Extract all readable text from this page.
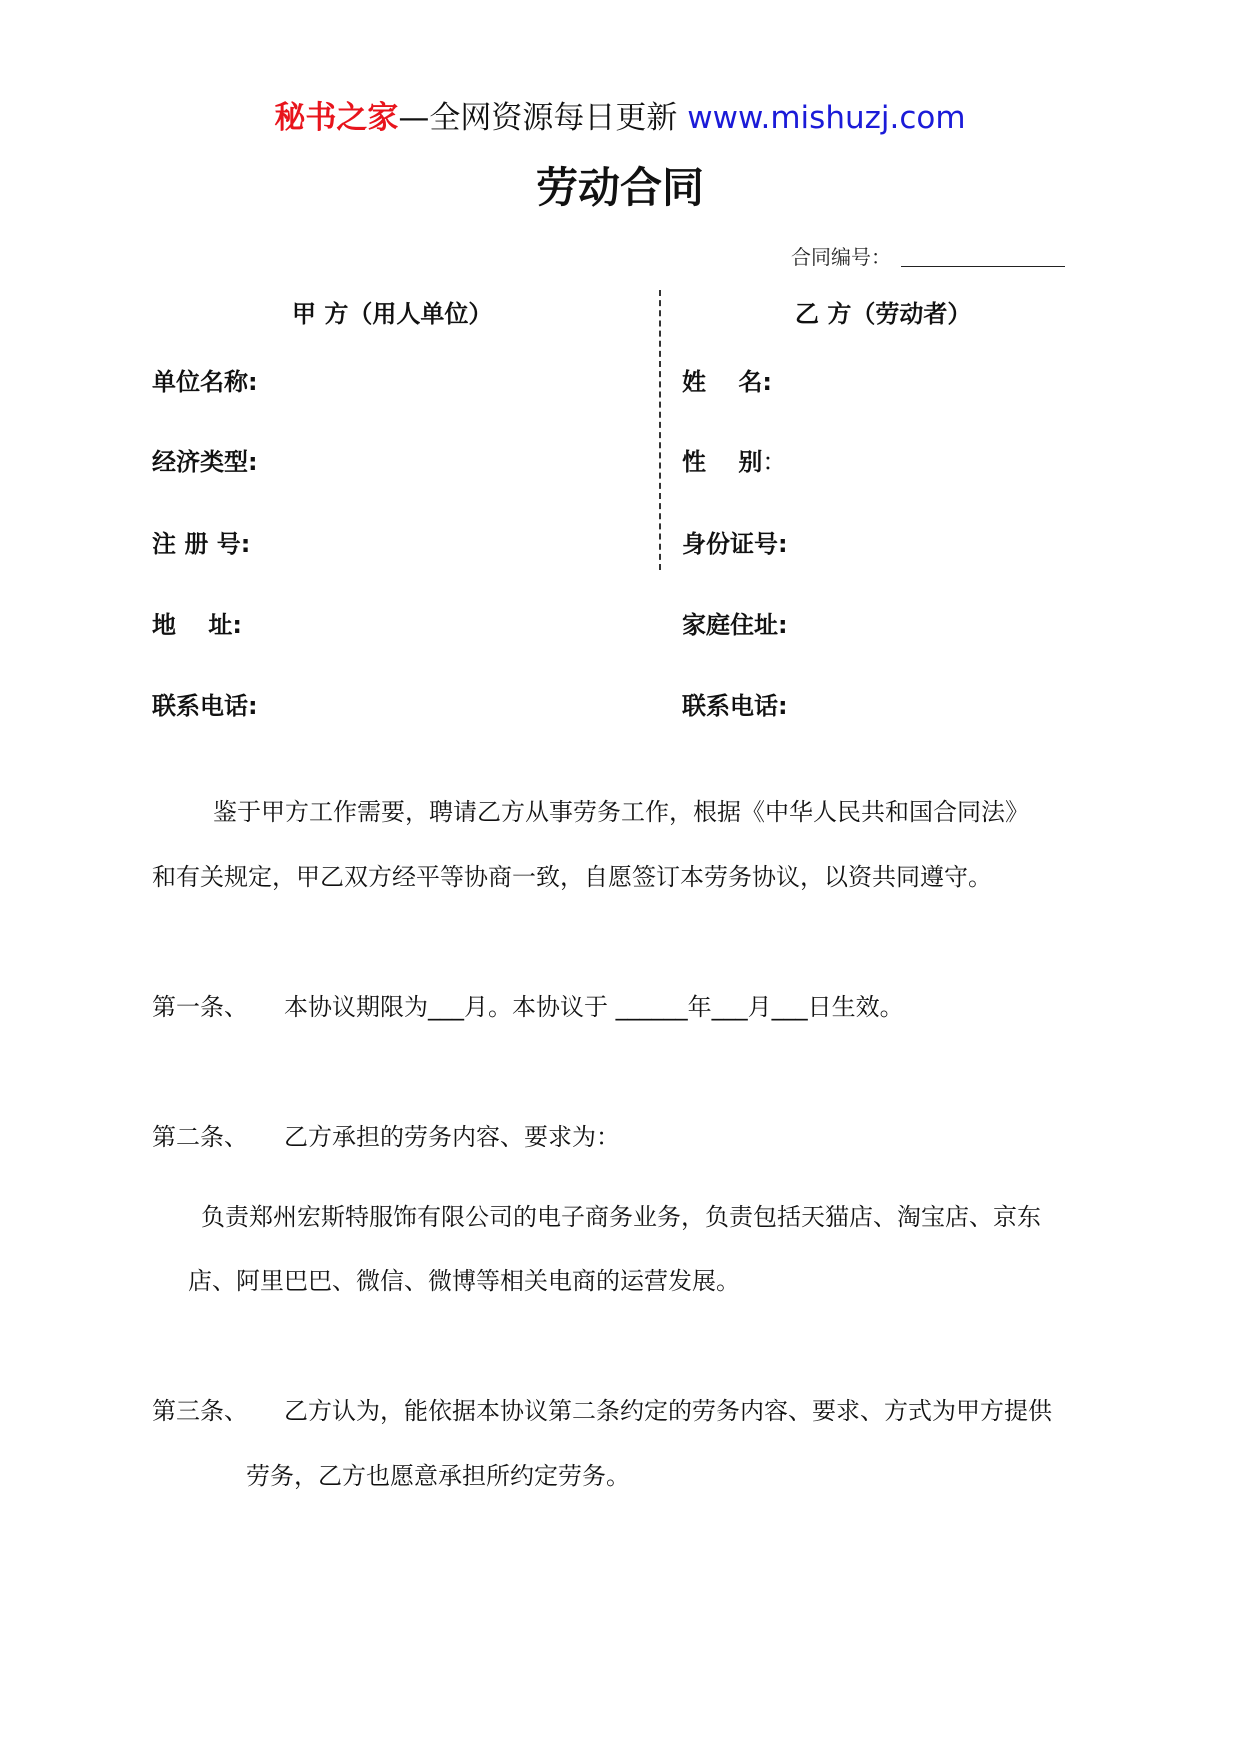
秘书之家—全网资源每日更新 www.mishuzj.com
劳动合同
合同编号：
甲 方（用人单位）	乙 方（劳动者）
单位名称:
经济类型:
注 册 号:
地　 址:
联系电话:
姓　 名:
性　 别：
身份证号:
家庭住址:
联系电话:
鉴于甲方工作需要，聘请乙方从事劳务工作，根据《中华人民共和国合同法》
和有关规定，甲乙双方经平等协商一致，自愿签订本劳务协议，以资共同遵守。
第一条、 本协议期限为___月。本协议于 ______年___月___日生效。
第二条、 乙方承担的劳务内容、要求为：
负责郑州宏斯特服饰有限公司的电子商务业务，负责包括天猫店、淘宝店、京东
店、阿里巴巴、微信、微博等相关电商的运营发展。
第三条、 乙方认为，能依据本协议第二条约定的劳务内容、要求、方式为甲方提供
劳务，乙方也愿意承担所约定劳务。
